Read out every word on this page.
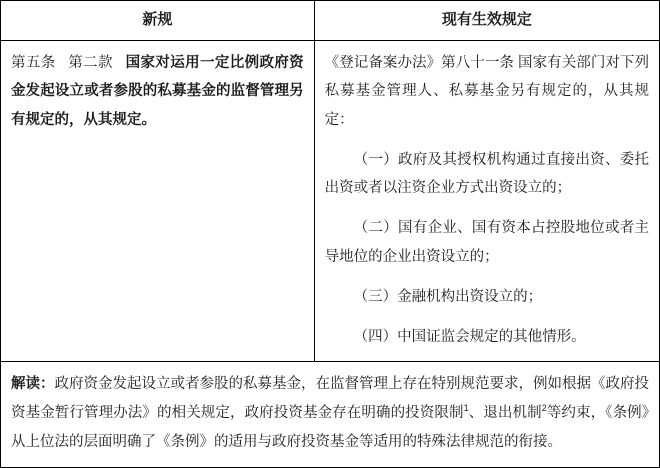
新规	现有生效规定

第五条 第二款 国家对运用一定比例政府资金发起设立或者参股的私募基金的监督管理另有规定的，从其规定。	《登记备案办法》第八十一条 国家有关部门对下列私募基金管理人、私募基金另有规定的，从其规定：

（一）政府及其授权机构通过直接出资、委托出资或者以注资企业方式出资设立的；

（二）国有企业、国有资本占控股地位或者主导地位的企业出资设立的；

（三）金融机构出资设立的；

（四）中国证监会规定的其他情形。

解读：政府资金发起设立或者参股的私募基金，在监督管理上存在特别规范要求，例如根据《政府投资基金暂行管理办法》的相关规定，政府投资基金存在明确的投资限制$^1$、退出机制$^2$等约束，《条例》从上位法的层面明确了《条例》的适用与政府投资基金等适用的特殊法律规范的衔接。	
